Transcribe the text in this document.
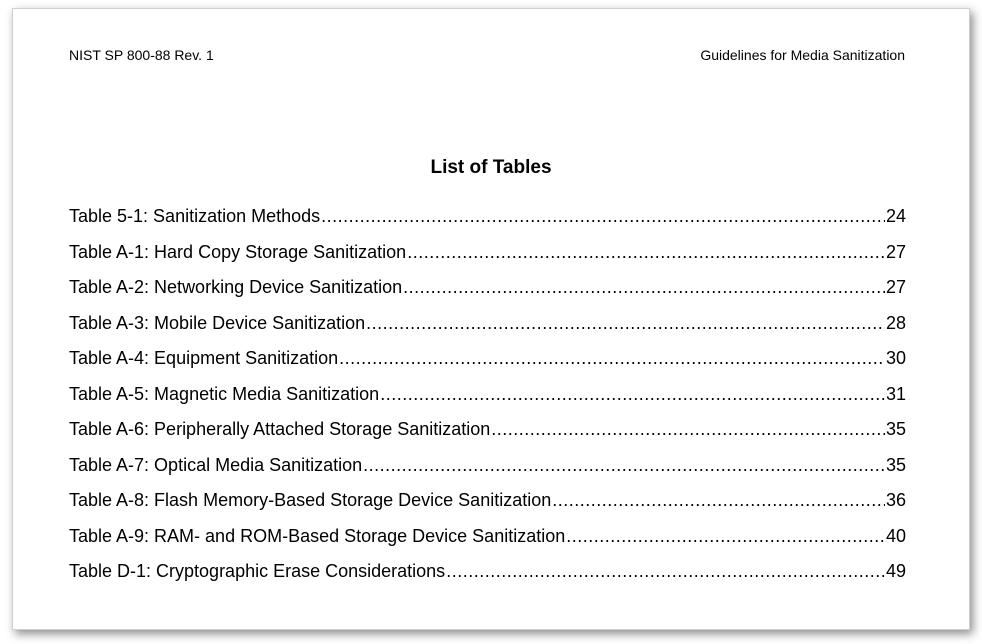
NIST SP 800-88 Rev. 1	Guidelines for Media Sanitization
List of Tables
Table 5-1: Sanitization Methods .....	24
Table A-1: Hard Copy Storage Sanitization .....	27
Table A-2: Networking Device Sanitization .....	27
Table A-3: Mobile Device Sanitization .....	28
Table A-4: Equipment Sanitization .....	30
Table A-5: Magnetic Media Sanitization .....	31
Table A-6: Peripherally Attached Storage Sanitization .....	35
Table A-7: Optical Media Sanitization .....	35
Table A-8: Flash Memory-Based Storage Device Sanitization .....	36
Table A-9: RAM- and ROM-Based Storage Device Sanitization .....	40
Table D-1: Cryptographic Erase Considerations .....	49
